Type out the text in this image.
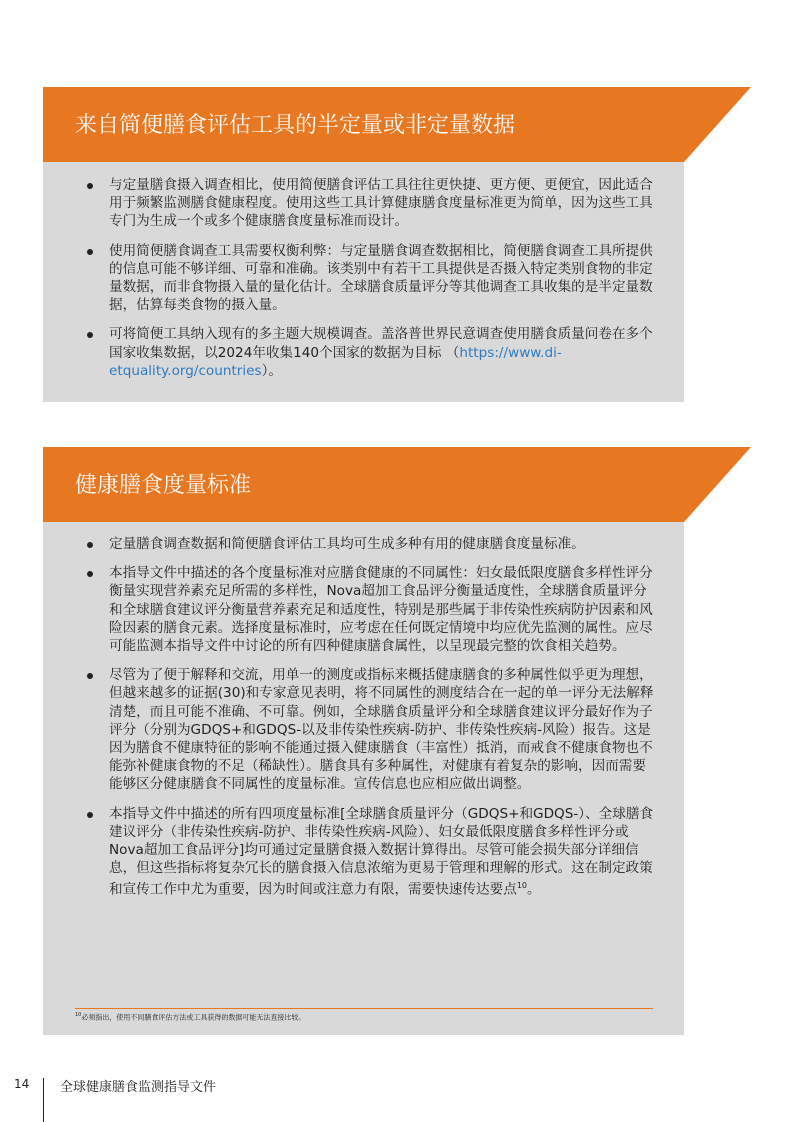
与定量膳食摄入调查相比，使用简便膳食评估工具往往更快捷、更方便、更便宜，因此适合用于频繁监测膳食健康程度。使用这些工具计算健康膳食度量标准更为简单，因为这些工具专门为生成一个或多个健康膳食度量标准而设计。
使用简便膳食调查工具需要权衡利弊：与定量膳食调查数据相比，简便膳食调查工具所提供的信息可能不够详细、可靠和准确。该类别中有若干工具提供是否摄入特定类别食物的非定量数据，而非食物摄入量的量化估计。全球膳食质量评分等其他调查工具收集的是半定量数据，估算每类食物的摄入量。
可将简便工具纳入现有的多主题大规模调查。盖洛普世界民意调查使用膳食质量问卷在多个国家收集数据，以2024年收集140个国家的数据为目标 （https://www.di-etquality.org/countries）。
来自简便膳食评估工具的半定量或非定量数据
定量膳食调查数据和简便膳食评估工具均可生成多种有用的健康膳食度量标准。
本指导文件中描述的各个度量标准对应膳食健康的不同属性：妇女最低限度膳食多样性评分衡量实现营养素充足所需的多样性，Nova超加工食品评分衡量适度性，全球膳食质量评分和全球膳食建议评分衡量营养素充足和适度性，特别是那些属于非传染性疾病防护因素和风险因素的膳食元素。选择度量标准时，应考虑在任何既定情境中均应优先监测的属性。应尽可能监测本指导文件中讨论的所有四种健康膳食属性，以呈现最完整的饮食相关趋势。
尽管为了便于解释和交流，用单一的测度或指标来概括健康膳食的多种属性似乎更为理想，但越来越多的证据(30)和专家意见表明，将不同属性的测度结合在一起的单一评分无法解释清楚，而且可能不准确、不可靠。例如，全球膳食质量评分和全球膳食建议评分最好作为子评分（分别为GDQS+和GDQS-以及非传染性疾病-防护、非传染性疾病-风险）报告。这是因为膳食不健康特征的影响不能通过摄入健康膳食（丰富性）抵消，而戒食不健康食物也不能弥补健康食物的不足（稀缺性）。膳食具有多种属性，对健康有着复杂的影响，因而需要能够区分健康膳食不同属性的度量标准。宣传信息也应相应做出调整。
本指导文件中描述的所有四项度量标准[全球膳食质量评分（GDQS+和GDQS-）、全球膳食建议评分（非传染性疾病-防护、非传染性疾病-风险）、妇女最低限度膳食多样性评分或Nova超加工食品评分]均可通过定量膳食摄入数据计算得出。尽管可能会损失部分详细信息，但这些指标将复杂冗长的膳食摄入信息浓缩为更易于管理和理解的形式。这在制定政策和宣传工作中尤为重要，因为时间或注意力有限，需要快速传达要点$^{10}$。
$^{10}$必须指出，使用不同膳食评估方法或工具获得的数据可能无法直接比较。
健康膳食度量标准
14 全球健康膳食监测指导文件
